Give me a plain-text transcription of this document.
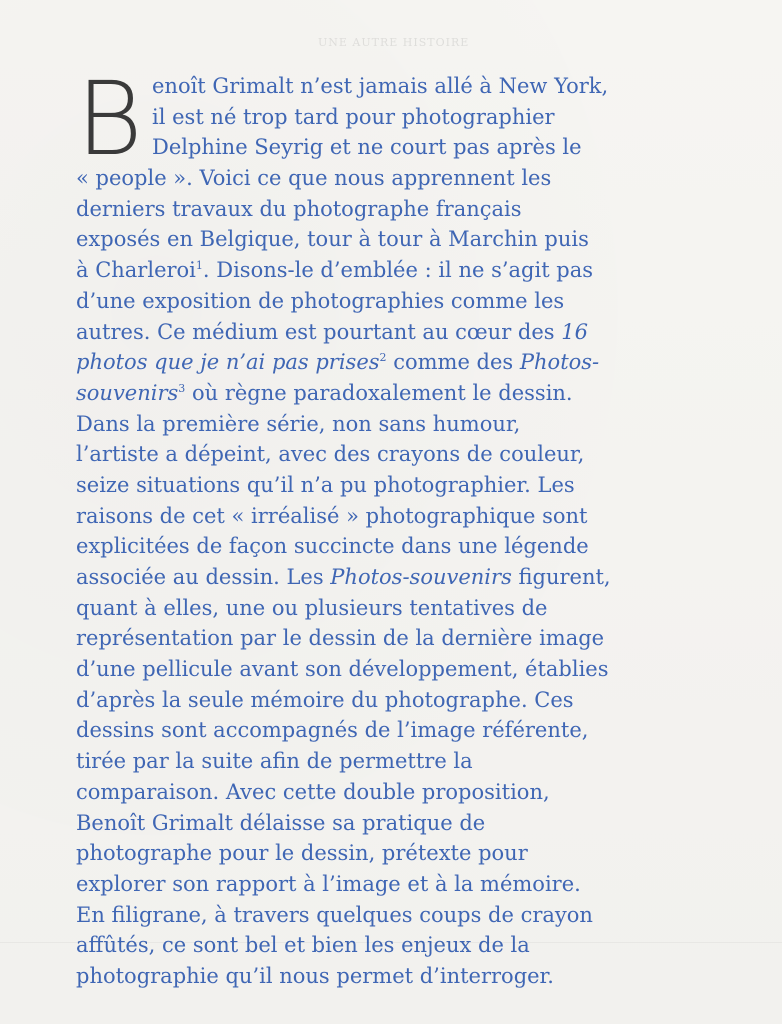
UNE AUTRE HISTOIRE
B enoît Grimalt n’est jamais allé à New York,
il est né trop tard pour photographier
Delphine Seyrig et ne court pas après le
« people ». Voici ce que nous apprennent les
derniers travaux du photographe français
exposés en Belgique, tour à tour à Marchin puis
à Charleroi$^1$. Disons-le d’emblée : il ne s’agit pas
d’une exposition de photographies comme les
autres. Ce médium est pourtant au cœur des 16
photos que je n’ai pas prises$^2$ comme des Photos-
souvenirs$^3$ où règne paradoxalement le dessin.
Dans la première série, non sans humour,
l’artiste a dépeint, avec des crayons de couleur,
seize situations qu’il n’a pu photographier. Les
raisons de cet « irréalisé » photographique sont
explicitées de façon succincte dans une légende
associée au dessin. Les Photos-souvenirs figurent,
quant à elles, une ou plusieurs tentatives de
représentation par le dessin de la dernière image
d’une pellicule avant son développement, établies
d’après la seule mémoire du photographe. Ces
dessins sont accompagnés de l’image référente,
tirée par la suite afin de permettre la
comparaison. Avec cette double proposition,
Benoît Grimalt délaisse sa pratique de
photographe pour le dessin, prétexte pour
explorer son rapport à l’image et à la mémoire.
En filigrane, à travers quelques coups de crayon
affûtés, ce sont bel et bien les enjeux de la
photographie qu’il nous permet d’interroger.
